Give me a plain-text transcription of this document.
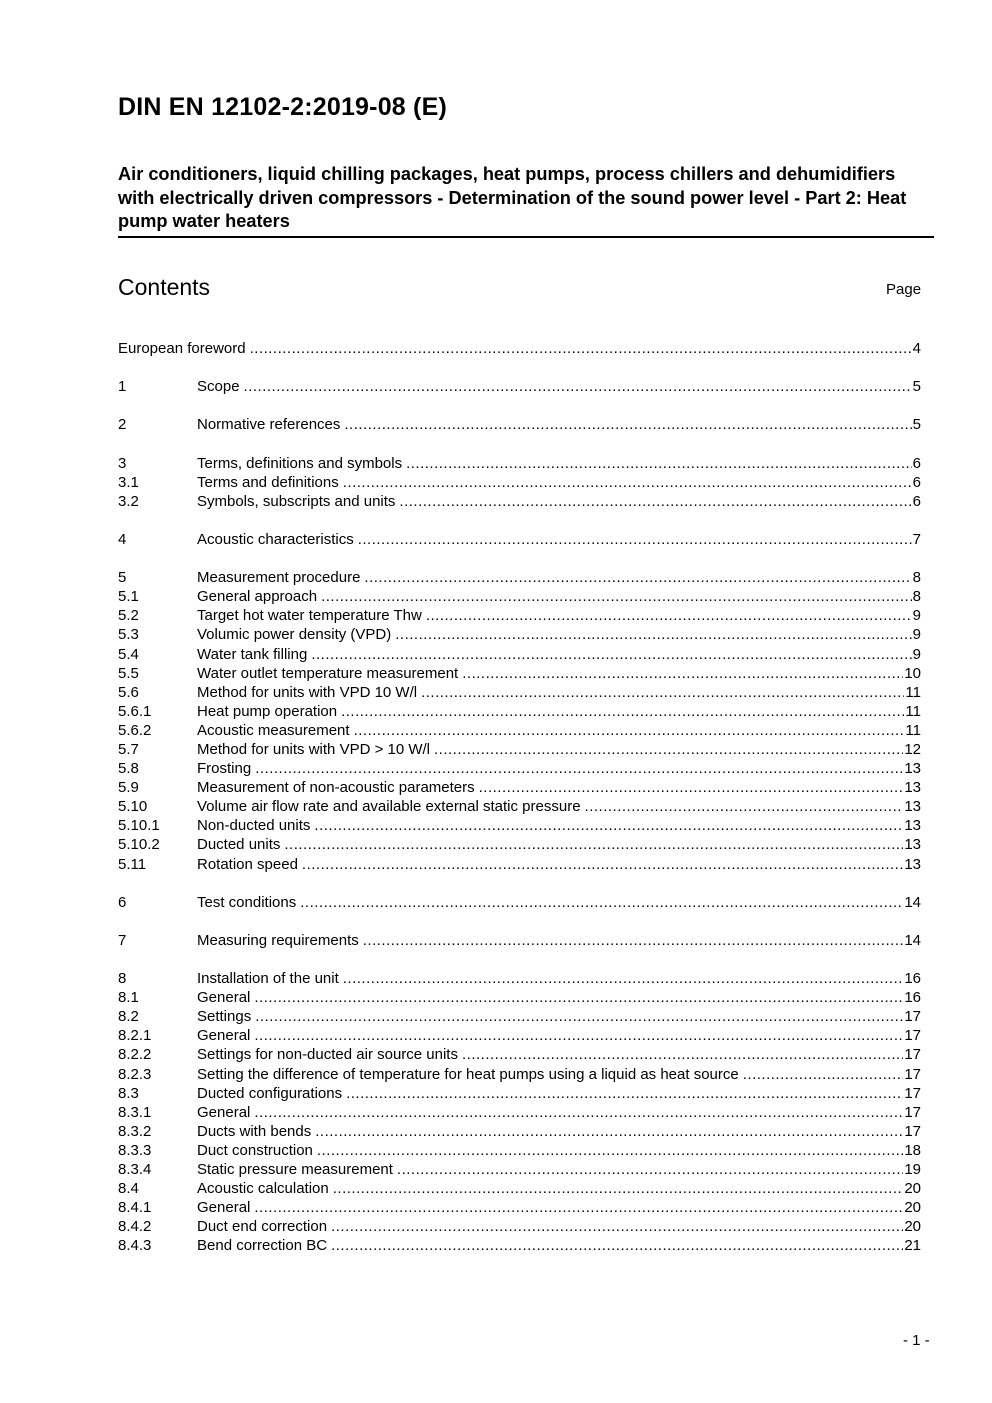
DIN EN 12102-2:2019-08 (E)
Air conditioners, liquid chilling packages, heat pumps, process chillers and dehumidifiers with electrically driven compressors - Determination of the sound power level - Part 2: Heat pump water heaters
Contents	Page
European foreword .....	4
1	Scope .....	5
2	Normative references .....	5
3	Terms, definitions and symbols .....	6
3.1	Terms and definitions .....	6
3.2	Symbols, subscripts and units .....	6
4	Acoustic characteristics .....	7
5	Measurement procedure .....	8
5.1	General approach .....	8
5.2	Target hot water temperature Thw .....	9
5.3	Volumic power density (VPD) .....	9
5.4	Water tank filling .....	9
5.5	Water outlet temperature measurement .....	10
5.6	Method for units with VPD 10 W/l .....	11
5.6.1	Heat pump operation .....	11
5.6.2	Acoustic measurement .....	11
5.7	Method for units with VPD > 10 W/l .....	12
5.8	Frosting .....	13
5.9	Measurement of non-acoustic parameters .....	13
5.10	Volume air flow rate and available external static pressure .....	13
5.10.1	Non-ducted units .....	13
5.10.2	Ducted units .....	13
5.11	Rotation speed .....	13
6	Test conditions .....	14
7	Measuring requirements .....	14
8	Installation of the unit .....	16
8.1	General .....	16
8.2	Settings .....	17
8.2.1	General .....	17
8.2.2	Settings for non-ducted air source units .....	17
8.2.3	Setting the difference of temperature for heat pumps using a liquid as heat source .....	17
8.3	Ducted configurations .....	17
8.3.1	General .....	17
8.3.2	Ducts with bends .....	17
8.3.3	Duct construction .....	18
8.3.4	Static pressure measurement .....	19
8.4	Acoustic calculation .....	20
8.4.1	General .....	20
8.4.2	Duct end correction .....	20
8.4.3	Bend correction BC .....	21
- 1 -
